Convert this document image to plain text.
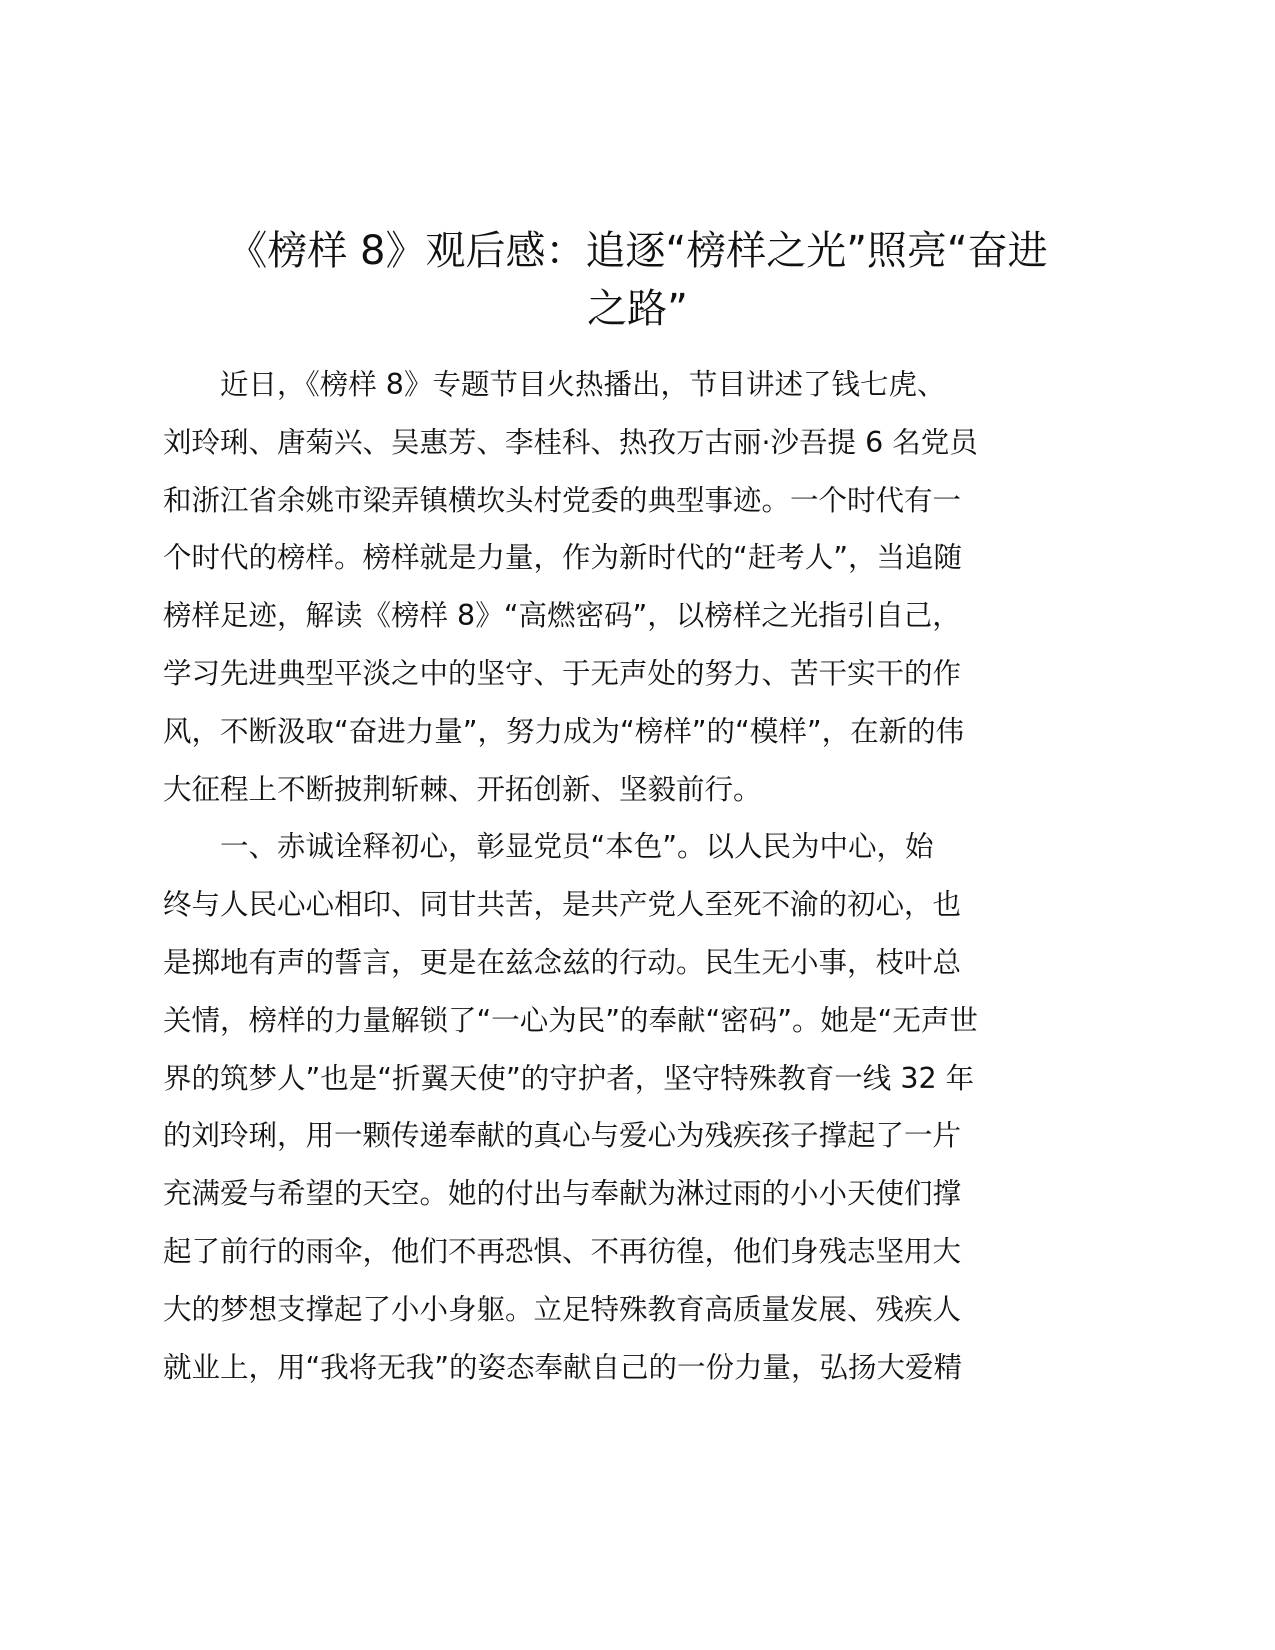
《榜样 8》观后感：追逐“榜样之光”照亮“奋进
之路”
近日，《榜样 8》专题节目火热播出，节目讲述了钱七虎、
刘玲琍、唐菊兴、吴惠芳、李桂科、热孜万古丽·沙吾提 6 名党员
和浙江省余姚市梁弄镇横坎头村党委的典型事迹。一个时代有一
个时代的榜样。榜样就是力量，作为新时代的“赶考人”，当追随
榜样足迹，解读《榜样 8》“高燃密码”，以榜样之光指引自己，
学习先进典型平淡之中的坚守、于无声处的努力、苦干实干的作
风，不断汲取“奋进力量”，努力成为“榜样”的“模样”，在新的伟
大征程上不断披荆斩棘、开拓创新、坚毅前行。
一、赤诚诠释初心，彰显党员“本色”。以人民为中心，始
终与人民心心相印、同甘共苦，是共产党人至死不渝的初心，也
是掷地有声的誓言，更是在兹念兹的行动。民生无小事，枝叶总
关情，榜样的力量解锁了“一心为民”的奉献“密码”。她是“无声世
界的筑梦人”也是“折翼天使”的守护者，坚守特殊教育一线 32 年
的刘玲琍，用一颗传递奉献的真心与爱心为残疾孩子撑起了一片
充满爱与希望的天空。她的付出与奉献为淋过雨的小小天使们撑
起了前行的雨伞，他们不再恐惧、不再彷徨，他们身残志坚用大
大的梦想支撑起了小小身躯。立足特殊教育高质量发展、残疾人
就业上，用“我将无我”的姿态奉献自己的一份力量，弘扬大爱精
